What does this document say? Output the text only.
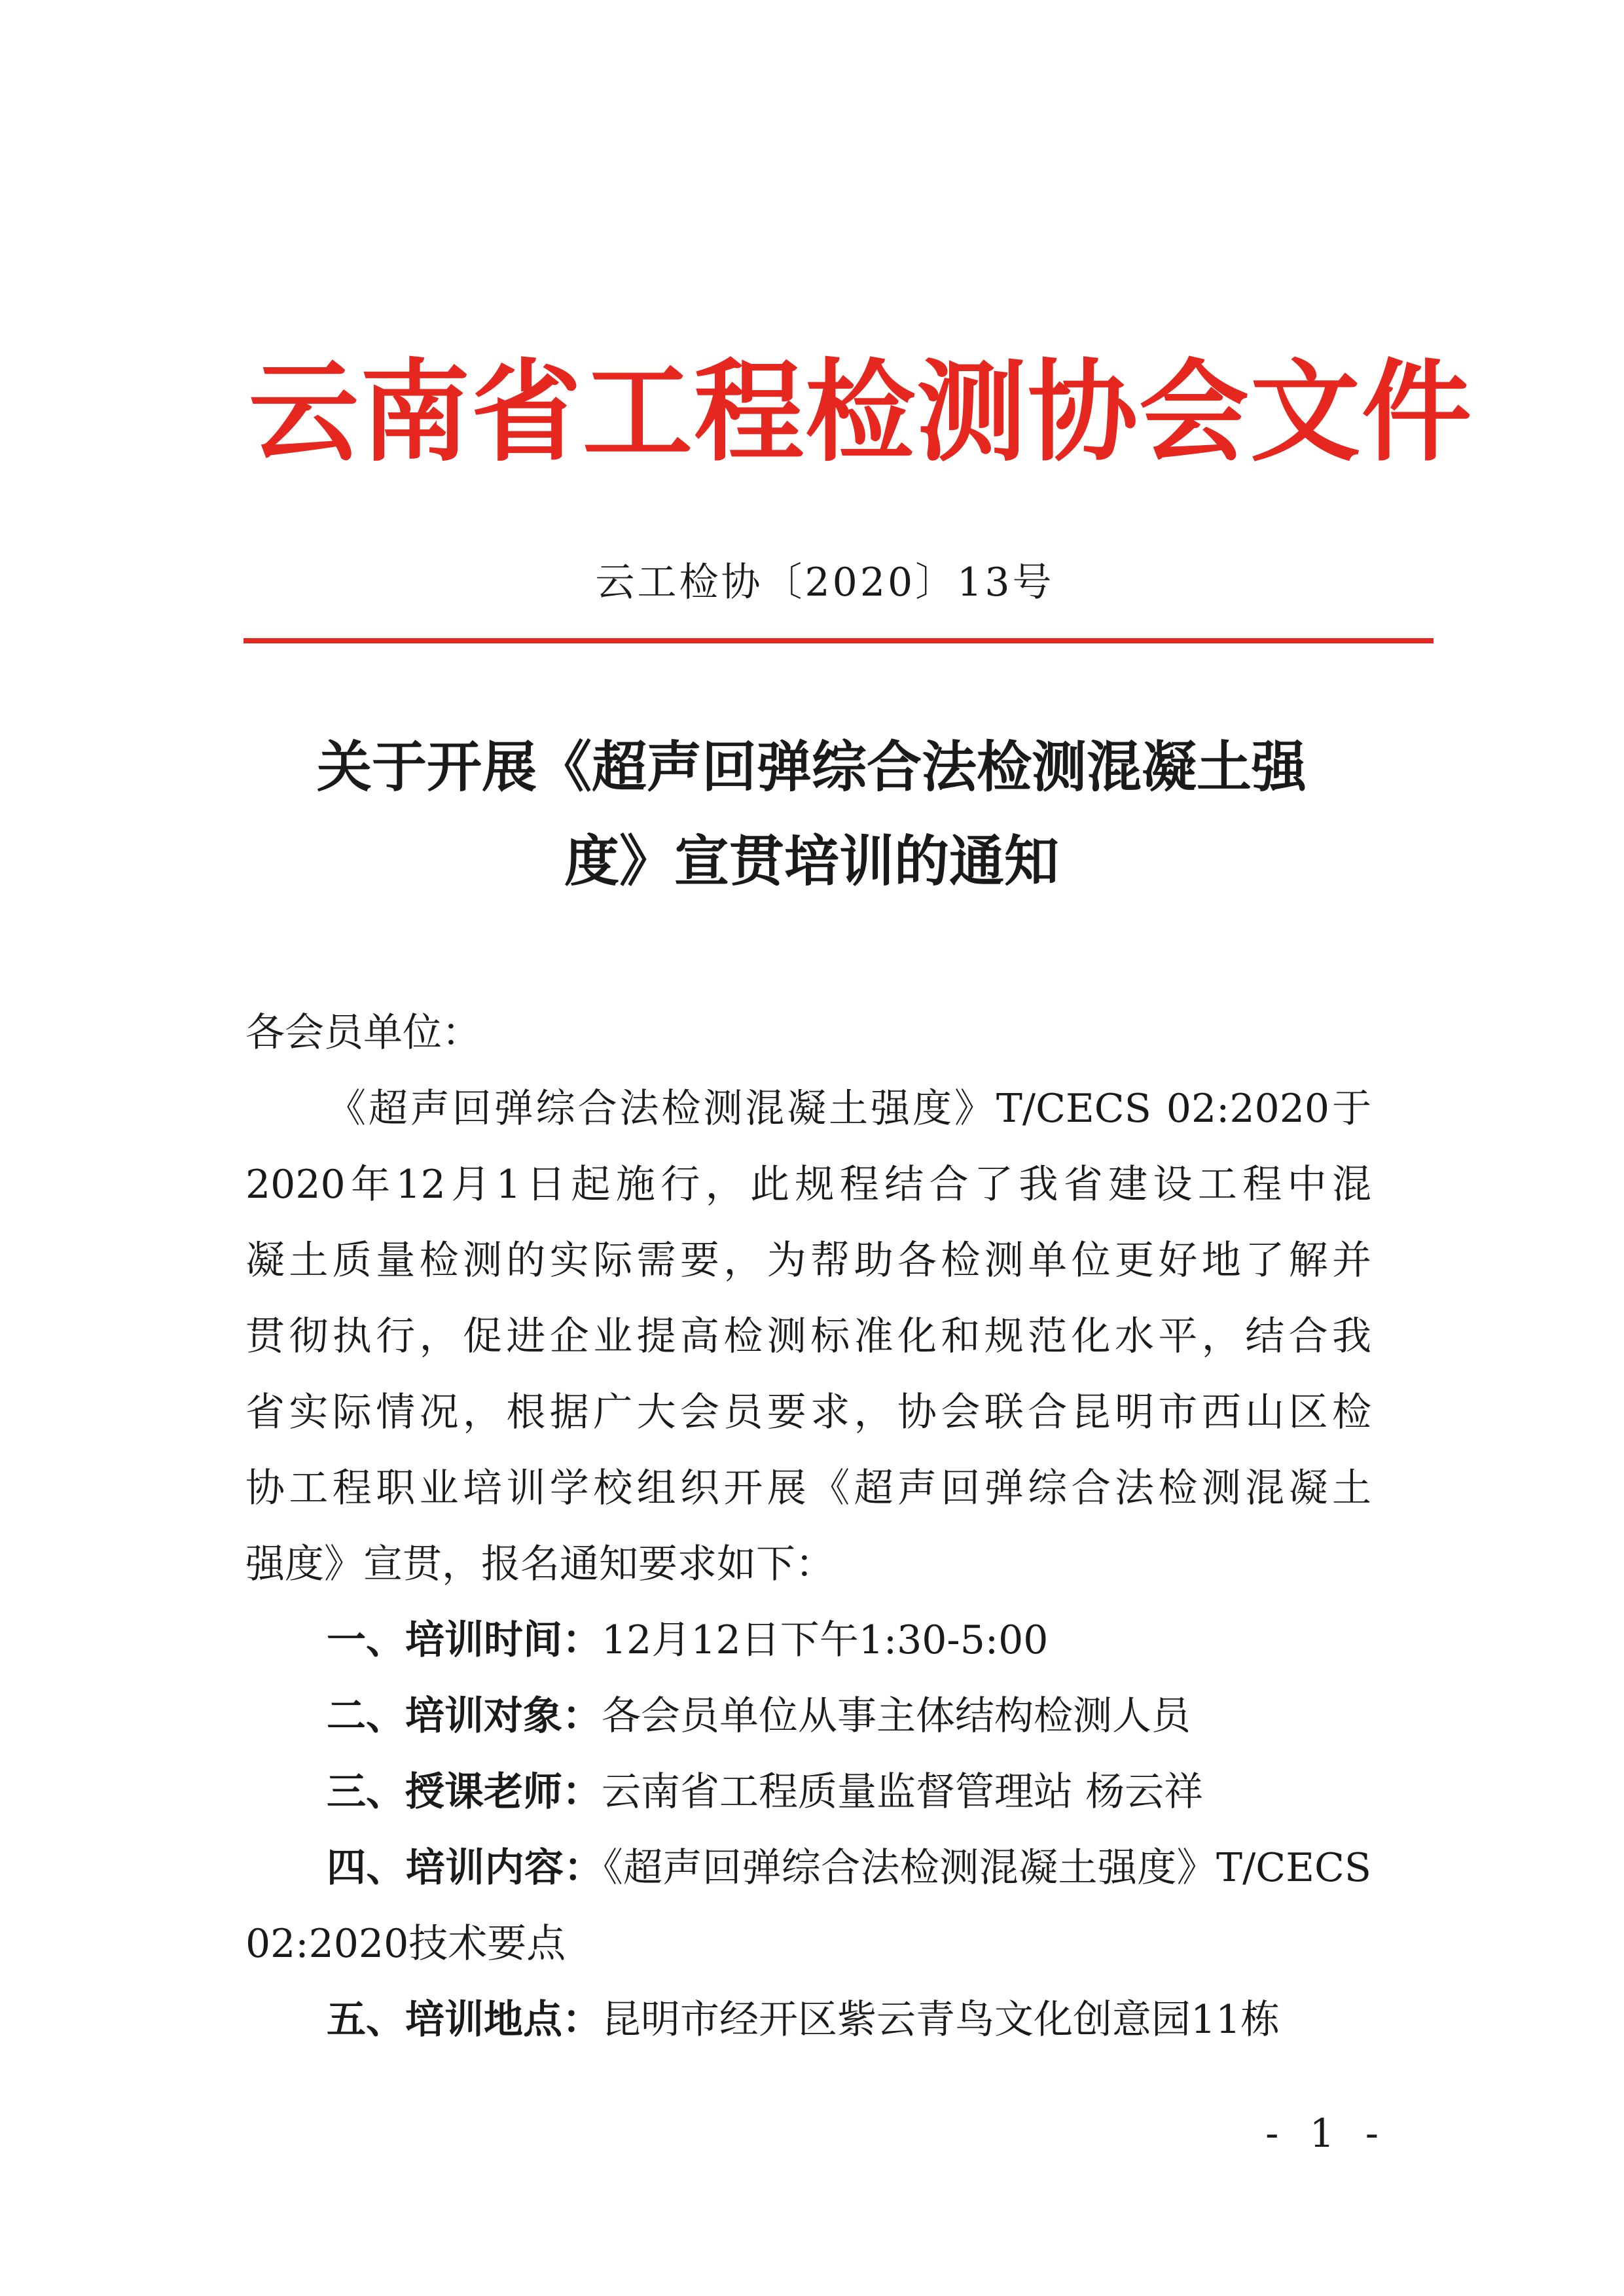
云南省工程检测协会文件
云工检协〔2020〕13号
关于开展《超声回弹综合法检测混凝土强
度》宣贯培训的通知
各会员单位：
《超声回弹综合法检测混凝土强度》T/CECS 02:2020于
2020年12月1日起施行，此规程结合了我省建设工程中混
凝土质量检测的实际需要，为帮助各检测单位更好地了解并
贯彻执行，促进企业提高检测标准化和规范化水平，结合我
省实际情况，根据广大会员要求，协会联合昆明市西山区检
协工程职业培训学校组织开展《超声回弹综合法检测混凝土
强度》宣贯，报名通知要求如下：
一、培训时间：12月12日下午1:30-5:00
二、培训对象：各会员单位从事主体结构检测人员
三、授课老师：云南省工程质量监督管理站 杨云祥
四、培训内容：《超声回弹综合法检测混凝土强度》T/CECS
02:2020技术要点
五、培训地点：昆明市经开区紫云青鸟文化创意园11栋
- 1 -
